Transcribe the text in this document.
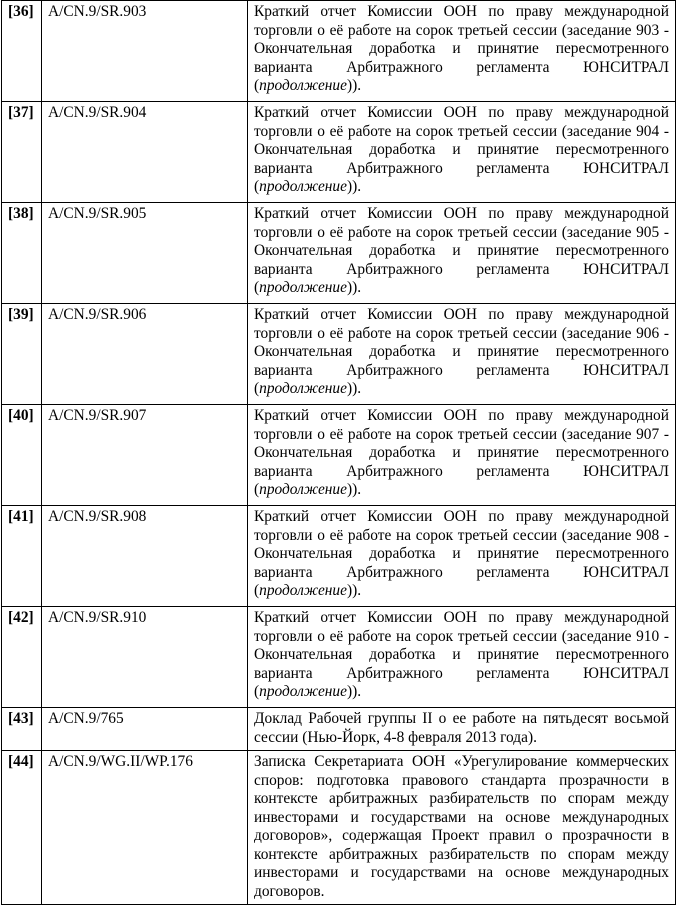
[36]	A/CN.9/SR.903	Краткий отчет Комиссии ООН по праву международной торговли о её работе на сорок третьей сессии (заседание 903 - Окончательная доработка и принятие пересмотренного варианта Арбитражного регламента ЮНСИТРАЛ (продолжение)).
[37]	A/CN.9/SR.904	Краткий отчет Комиссии ООН по праву международной торговли о её работе на сорок третьей сессии (заседание 904 - Окончательная доработка и принятие пересмотренного варианта Арбитражного регламента ЮНСИТРАЛ (продолжение)).
[38]	A/CN.9/SR.905	Краткий отчет Комиссии ООН по праву международной торговли о её работе на сорок третьей сессии (заседание 905 - Окончательная доработка и принятие пересмотренного варианта Арбитражного регламента ЮНСИТРАЛ (продолжение)).
[39]	A/CN.9/SR.906	Краткий отчет Комиссии ООН по праву международной торговли о её работе на сорок третьей сессии (заседание 906 - Окончательная доработка и принятие пересмотренного варианта Арбитражного регламента ЮНСИТРАЛ (продолжение)).
[40]	A/CN.9/SR.907	Краткий отчет Комиссии ООН по праву международной торговли о её работе на сорок третьей сессии (заседание 907 - Окончательная доработка и принятие пересмотренного варианта Арбитражного регламента ЮНСИТРАЛ (продолжение)).
[41]	A/CN.9/SR.908	Краткий отчет Комиссии ООН по праву международной торговли о её работе на сорок третьей сессии (заседание 908 - Окончательная доработка и принятие пересмотренного варианта Арбитражного регламента ЮНСИТРАЛ (продолжение)).
[42]	A/CN.9/SR.910	Краткий отчет Комиссии ООН по праву международной торговли о её работе на сорок третьей сессии (заседание 910 - Окончательная доработка и принятие пересмотренного варианта Арбитражного регламента ЮНСИТРАЛ (продолжение)).
[43]	A/CN.9/765	Доклад Рабочей группы II о ее работе на пятьдесят восьмой сессии (Нью-Йорк, 4-8 февраля 2013 года).
[44]	A/CN.9/WG.II/WP.176	Записка Секретариата ООН «Урегулирование коммерческих споров: подготовка правового стандарта прозрачности в контексте арбитражных разбирательств по спорам между инвесторами и государствами на основе международных договоров», содержащая Проект правил о прозрачности в контексте арбитражных разбирательств по спорам между инвесторами и государствами на основе международных договоров.
